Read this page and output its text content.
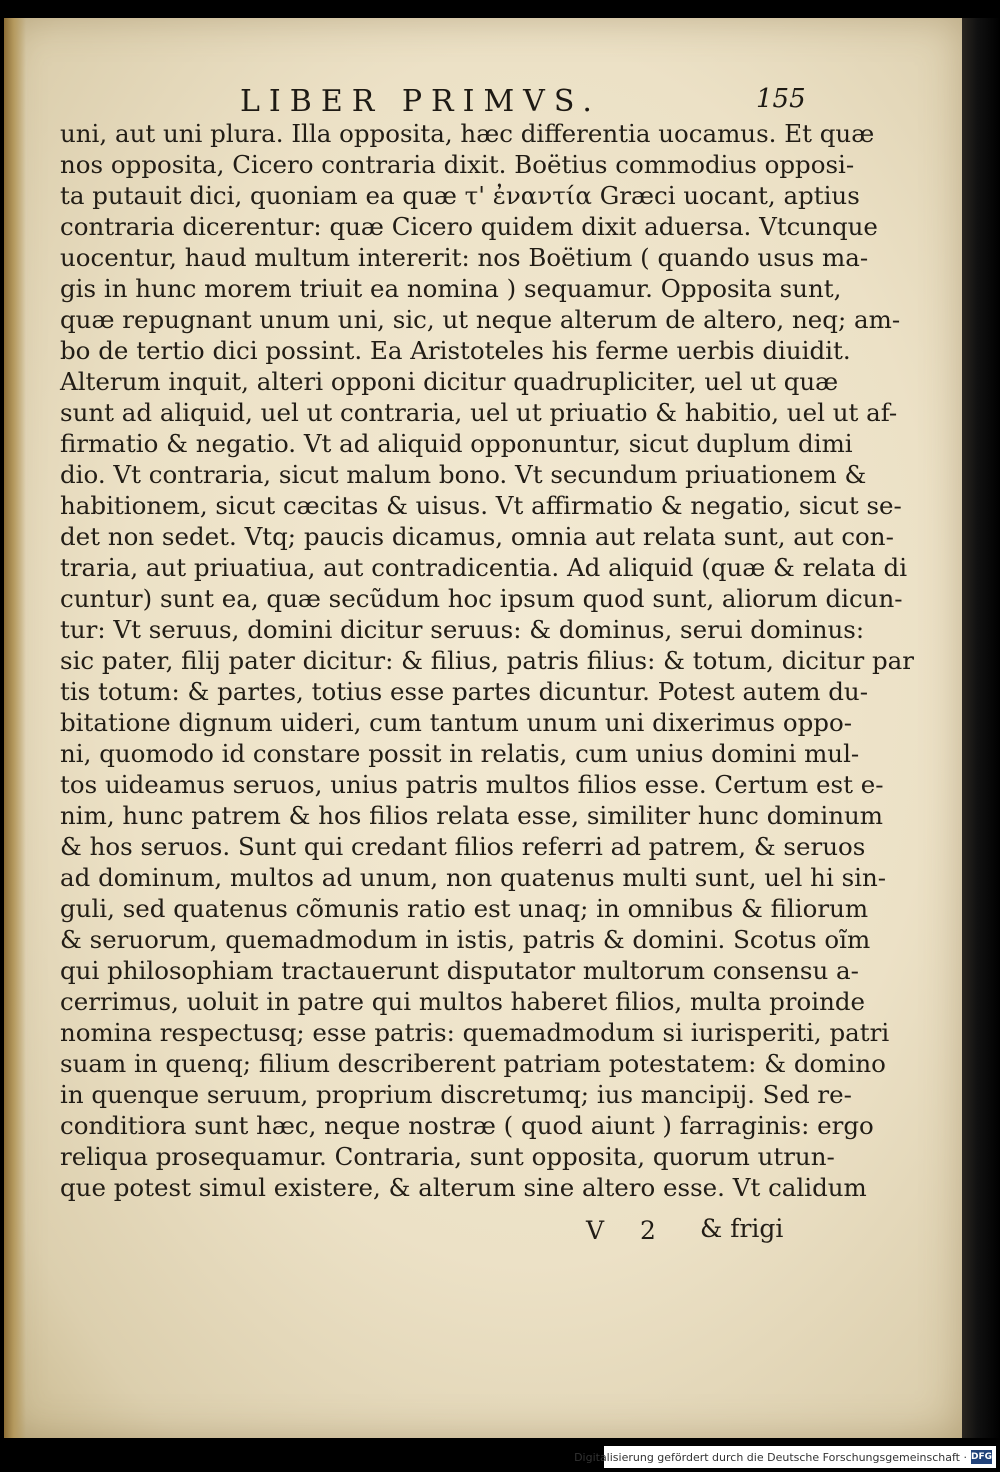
LIBER PRIMVS.	155
uni, aut uni plura. Illa opposita, hæc differentia uocamus. Et quæ
nos opposita, Cicero contraria dixit. Boëtius commodius opposi-
ta putauit dici, quoniam ea quæ τ' ἐναντία Græci uocant, aptius
contraria dicerentur: quæ Cicero quidem dixit aduersa. Vtcunque
uocentur, haud multum intererit: nos Boëtium ( quando usus ma-
gis in hunc morem triuit ea nomina ) sequamur. Opposita sunt,
quæ repugnant unum uni, sic, ut neque alterum de altero, neq; am-
bo de tertio dici possint. Ea Aristoteles his ferme uerbis diuidit.
Alterum inquit, alteri opponi dicitur quadrupliciter, uel ut quæ
sunt ad aliquid, uel ut contraria, uel ut priuatio & habitio, uel ut af-
firmatio & negatio. Vt ad aliquid opponuntur, sicut duplum dimi
dio. Vt contraria, sicut malum bono. Vt secundum priuationem &
habitionem, sicut cæcitas & uisus. Vt affirmatio & negatio, sicut se-
det non sedet. Vtq; paucis dicamus, omnia aut relata sunt, aut con-
traria, aut priuatiua, aut contradicentia. Ad aliquid (quæ & relata di
cuntur) sunt ea, quæ secũdum hoc ipsum quod sunt, aliorum dicun-
tur: Vt seruus, domini dicitur seruus: & dominus, serui dominus:
sic pater, filij pater dicitur: & filius, patris filius: & totum, dicitur par
tis totum: & partes, totius esse partes dicuntur. Potest autem du-
bitatione dignum uideri, cum tantum unum uni dixerimus oppo-
ni, quomodo id constare possit in relatis, cum unius domini mul-
tos uideamus seruos, unius patris multos filios esse. Certum est e-
nim, hunc patrem & hos filios relata esse, similiter hunc dominum
& hos seruos. Sunt qui credant filios referri ad patrem, & seruos
ad dominum, multos ad unum, non quatenus multi sunt, uel hi sin-
guli, sed quatenus cõmunis ratio est unaq; in omnibus & filiorum
& seruorum, quemadmodum in istis, patris & domini. Scotus oĩm
qui philosophiam tractauerunt disputator multorum consensu a-
cerrimus, uoluit in patre qui multos haberet filios, multa proinde
nomina respectusq; esse patris: quemadmodum si iurisperiti, patri
suam in quenq; filium describerent patriam potestatem: & domino
in quenque seruum, proprium discretumq; ius mancipij. Sed re-
conditiora sunt hæc, neque nostræ ( quod aiunt ) farraginis: ergo
reliqua prosequamur. Contraria, sunt opposita, quorum utrun-
que potest simul existere, & alterum sine altero esse. Vt calidum
V 2 & frigi
Digitalisierung gefördert durch die Deutsche Forschungsgemeinschaft · DFG
